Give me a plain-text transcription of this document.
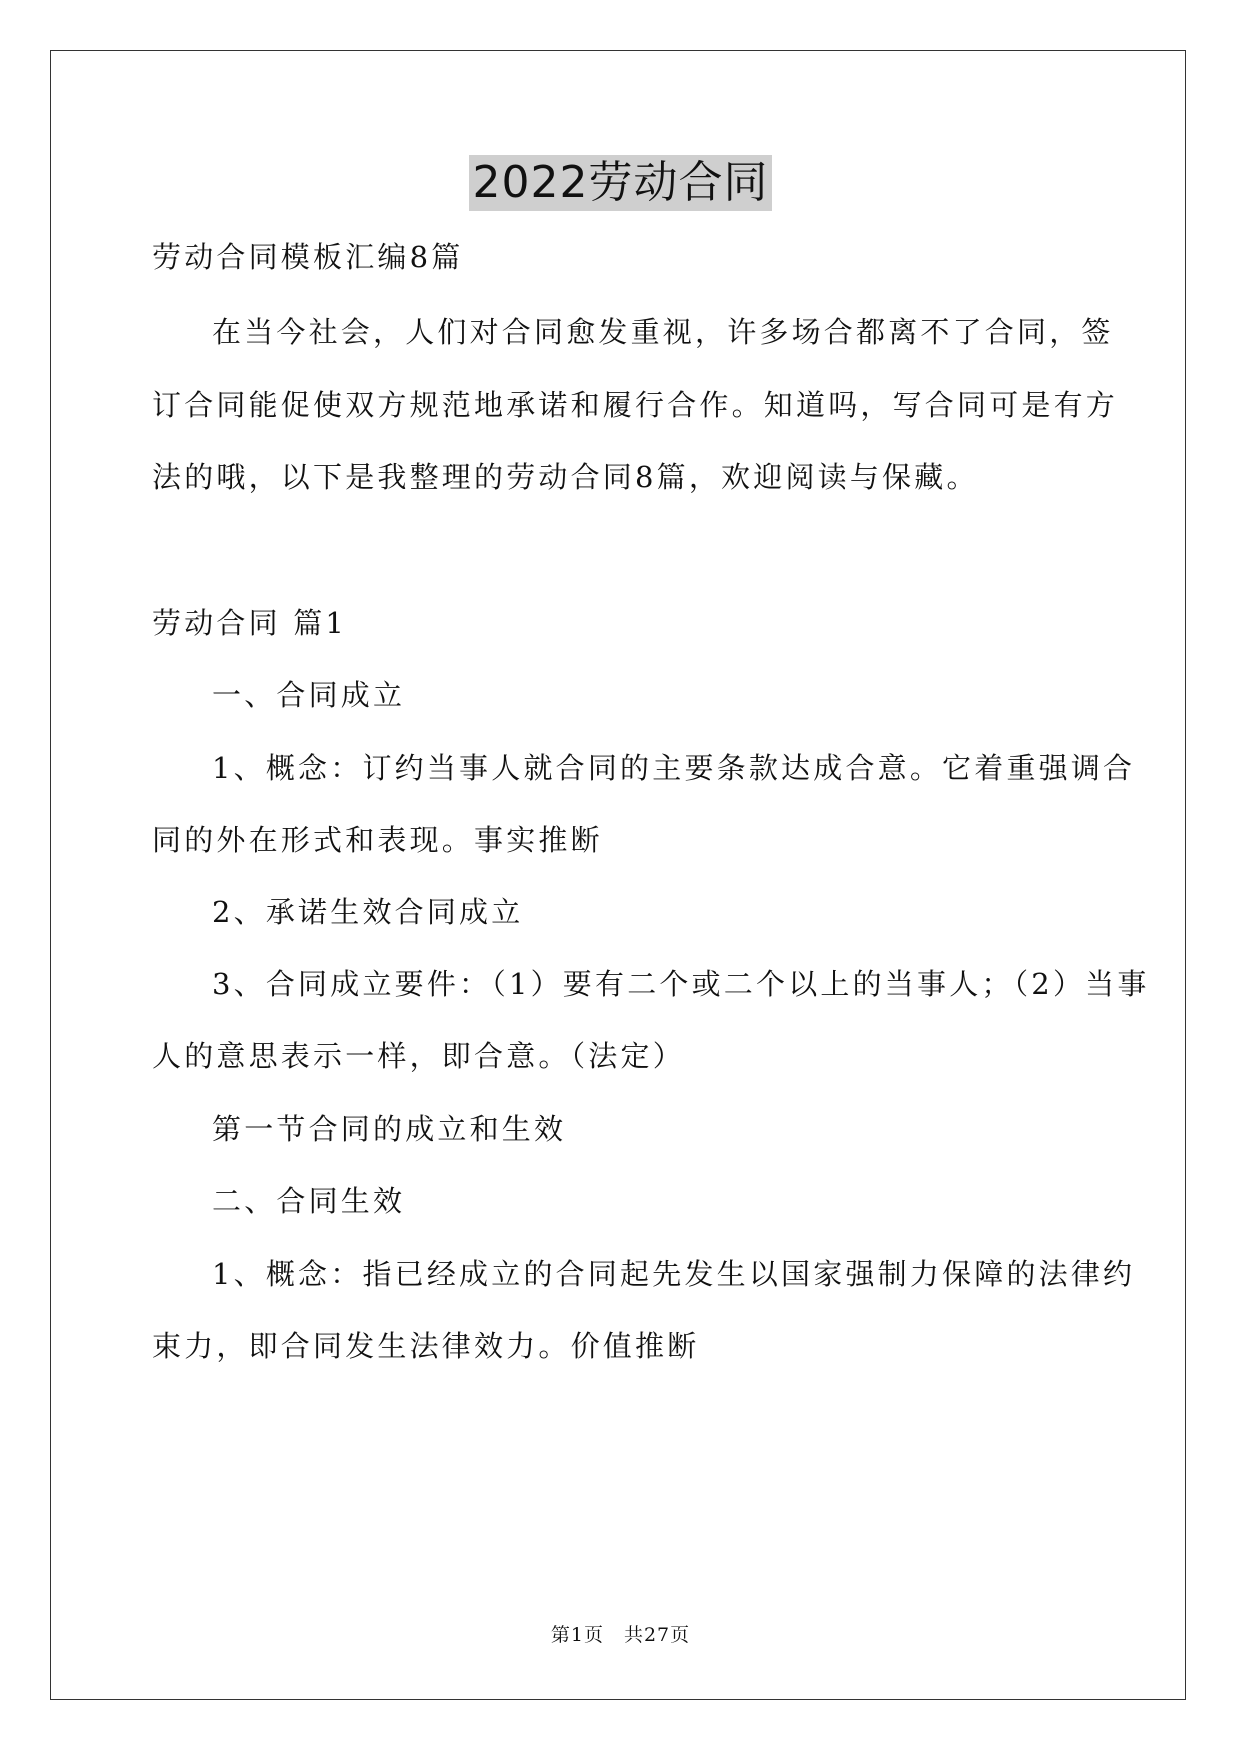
2022劳动合同
劳动合同模板汇编8篇
在当今社会，人们对合同愈发重视，许多场合都离不了合同，签
订合同能促使双方规范地承诺和履行合作。知道吗，写合同可是有方
法的哦，以下是我整理的劳动合同8篇，欢迎阅读与保藏。
劳动合同 篇1
一、合同成立
1、概念：订约当事人就合同的主要条款达成合意。它着重强调合
同的外在形式和表现。事实推断
2、承诺生效合同成立
3、合同成立要件：（1）要有二个或二个以上的当事人；（2）当事
人的意思表示一样，即合意。（法定）
第一节合同的成立和生效
二、合同生效
1、概念：指已经成立的合同起先发生以国家强制力保障的法律约
束力，即合同发生法律效力。价值推断
第1页　共27页
